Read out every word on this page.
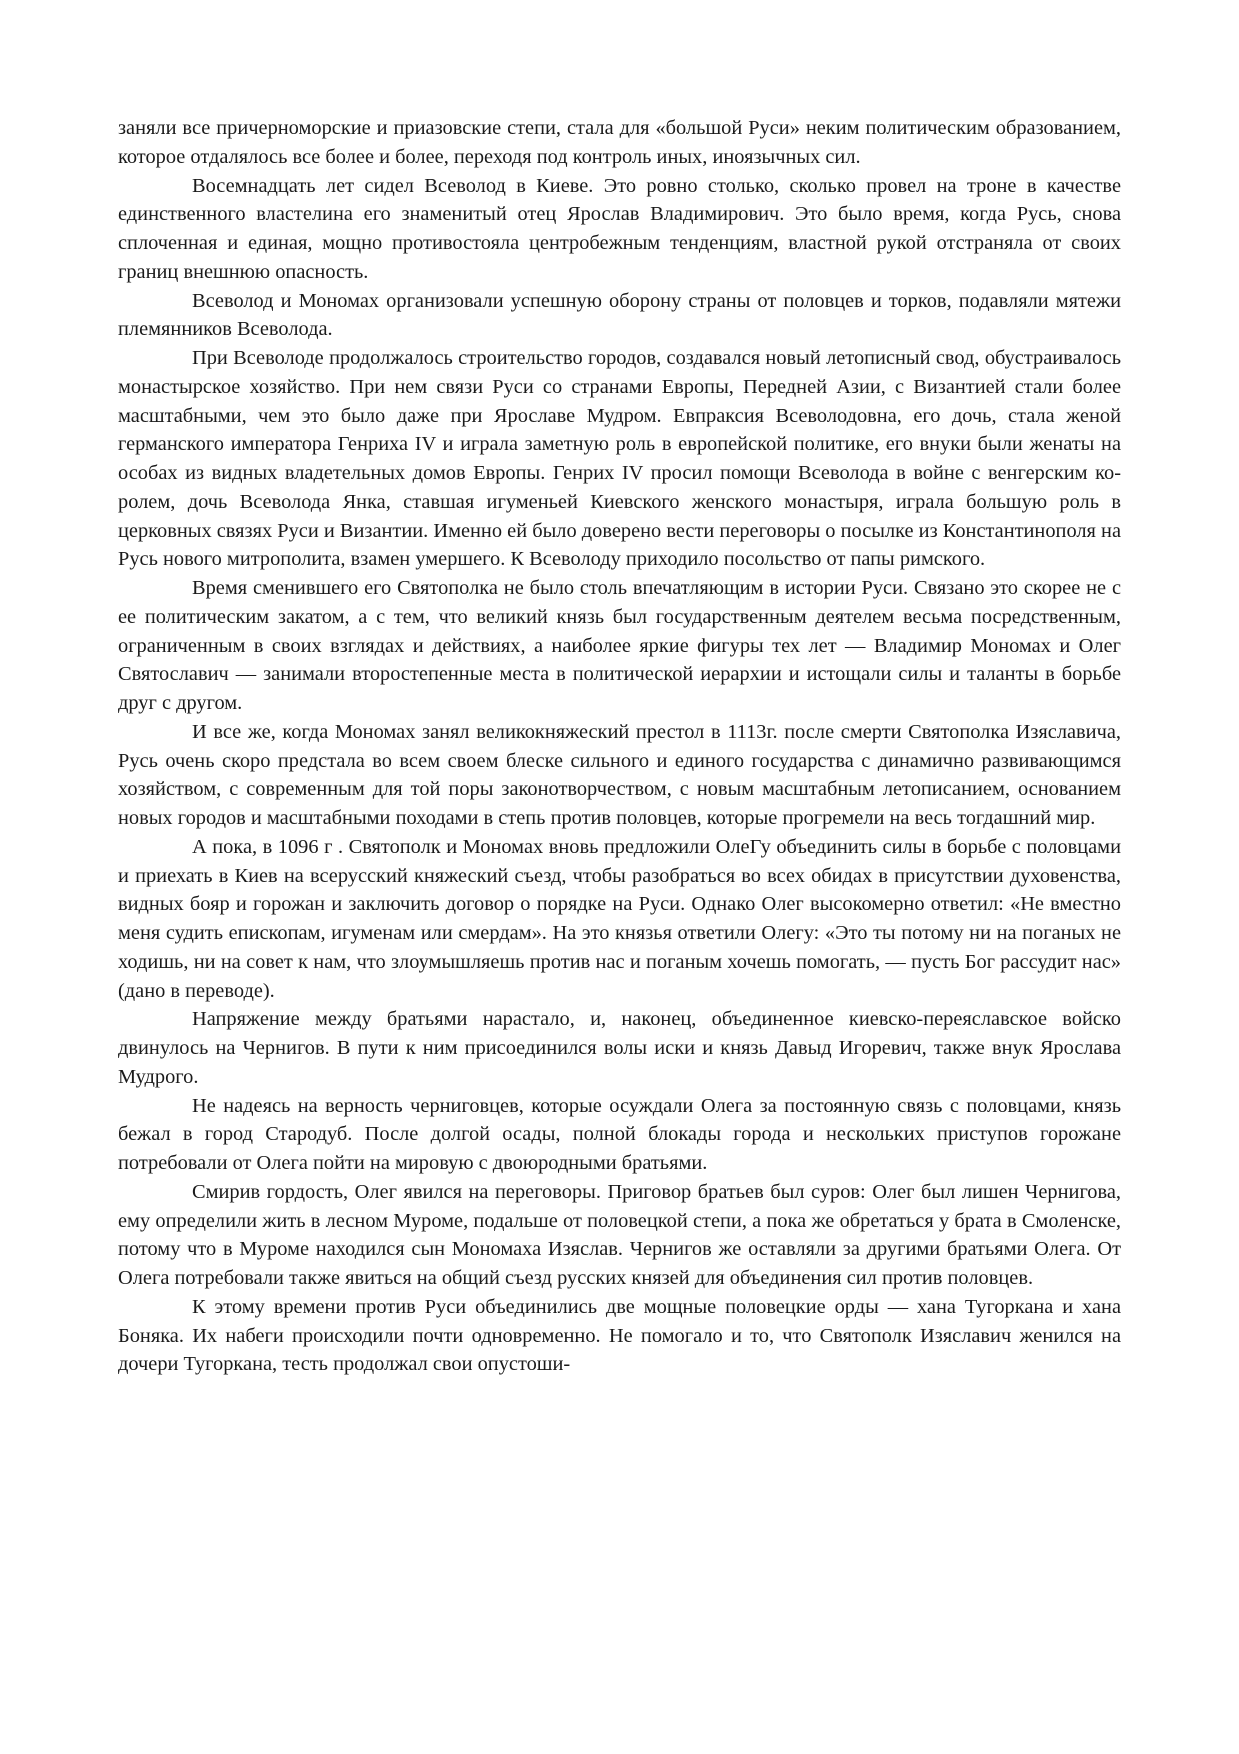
заняли все причерноморские и приазовские степи, стала для «большой Руси» неким политическим образованием, которое отдалялось все более и более, переходя под контроль иных, иноязычных сил.

Восемнадцать лет сидел Всеволод в Киеве. Это ровно столько, сколько провел на троне в качестве единственного властелина его знаменитый отец Ярослав Владимирович. Это было время, когда Русь, снова сплоченная и единая, мощно противостояла центробежным тенденциям, властной рукой отстраняла от своих границ внешнюю опасность.

Всеволод и Мономах организовали успешную оборону страны от половцев и торков, подавляли мятежи племянников Всеволода.

При Всеволоде продолжалось строительство городов, создавался новый летописный свод, обустраивалось монастырское хозяйство. При нем связи Руси со странами Европы, Передней Азии, с Византией стали более масштабными, чем это было даже при Ярославе Мудром. Евпраксия Всеволодовна, его дочь, стала женой германского императора Генриха IV и играла заметную роль в европейской политике, его внуки были женаты на особах из видных владетельных домов Европы. Генрих IV просил помощи Всеволода в войне с венгерским королем, дочь Всеволода Янка, ставшая игуменьей Киевского женского монастыря, играла большую роль в церковных связях Руси и Византии. Именно ей было доверено вести переговоры о посылке из Константинополя на Русь нового митрополита, взамен умершего. К Всеволоду приходило посольство от папы римского.

Время сменившего его Святополка не было столь впечатляющим в истории Руси. Связано это скорее не с ее политическим закатом, а с тем, что великий князь был государственным деятелем весьма посредственным, ограниченным в своих взглядах и действиях, а наиболее яркие фигуры тех лет — Владимир Мономах и Олег Святославич — занимали второстепенные места в политической иерархии и истощали силы и таланты в борьбе друг с другом.

И все же, когда Мономах занял великокняжеский престол в 1113г. после смерти Святополка Изяславича, Русь очень скоро предстала во всем своем блеске сильного и единого государства с динамично развивающимся хозяйством, с современным для той поры законотворчеством, с новым масштабным летописанием, основанием новых городов и масштабными походами в степь против половцев, которые прогремели на весь тогдашний мир.

А пока, в 1096 г . Святополк и Мономах вновь предложили ОлеГу объединить силы в борьбе с половцами и приехать в Киев на всерусский княжеский съезд, чтобы разобраться во всех обидах в присутствии духовенства, видных бояр и горожан и заключить договор о порядке на Руси. Однако Олег высокомерно ответил: «Не вместно меня судить епископам, игуменам или смердам». На это князья ответили Олегу: «Это ты потому ни на поганых не ходишь, ни на совет к нам, что злоумышляешь против нас и поганым хочешь помогать, — пусть Бог рассудит нас» (дано в переводе).

Напряжение между братьями нарастало, и, наконец, объединенное киевско-переяславское войско двинулось на Чернигов. В пути к ним присоединился волы иски и князь Давыд Игоревич, также внук Ярослава Мудрого.

Не надеясь на верность черниговцев, которые осуждали Олега за постоянную связь с половцами, князь бежал в город Стародуб. После долгой осады, полной блокады города и нескольких приступов горожане потребовали от Олега пойти на мировую с двоюродными братьями.

Смирив гордость, Олег явился на переговоры. Приговор братьев был суров: Олег был лишен Чернигова, ему определили жить в лесном Муроме, подальше от половецкой степи, а пока же обретаться у брата в Смоленске, потому что в Муроме находился сын Мономаха Изяслав. Чернигов же оставляли за другими братьями Олега. От Олега потребовали также явиться на общий съезд русских князей для объединения сил против половцев.

К этому времени против Руси объединились две мощные половецкие орды — хана Тугоркана и хана Боняка. Их набеги происходили почти одновременно. Не помогало и то, что Святополк Изяславич женился на дочери Тугоркана, тесть продолжал свои опустоши-
